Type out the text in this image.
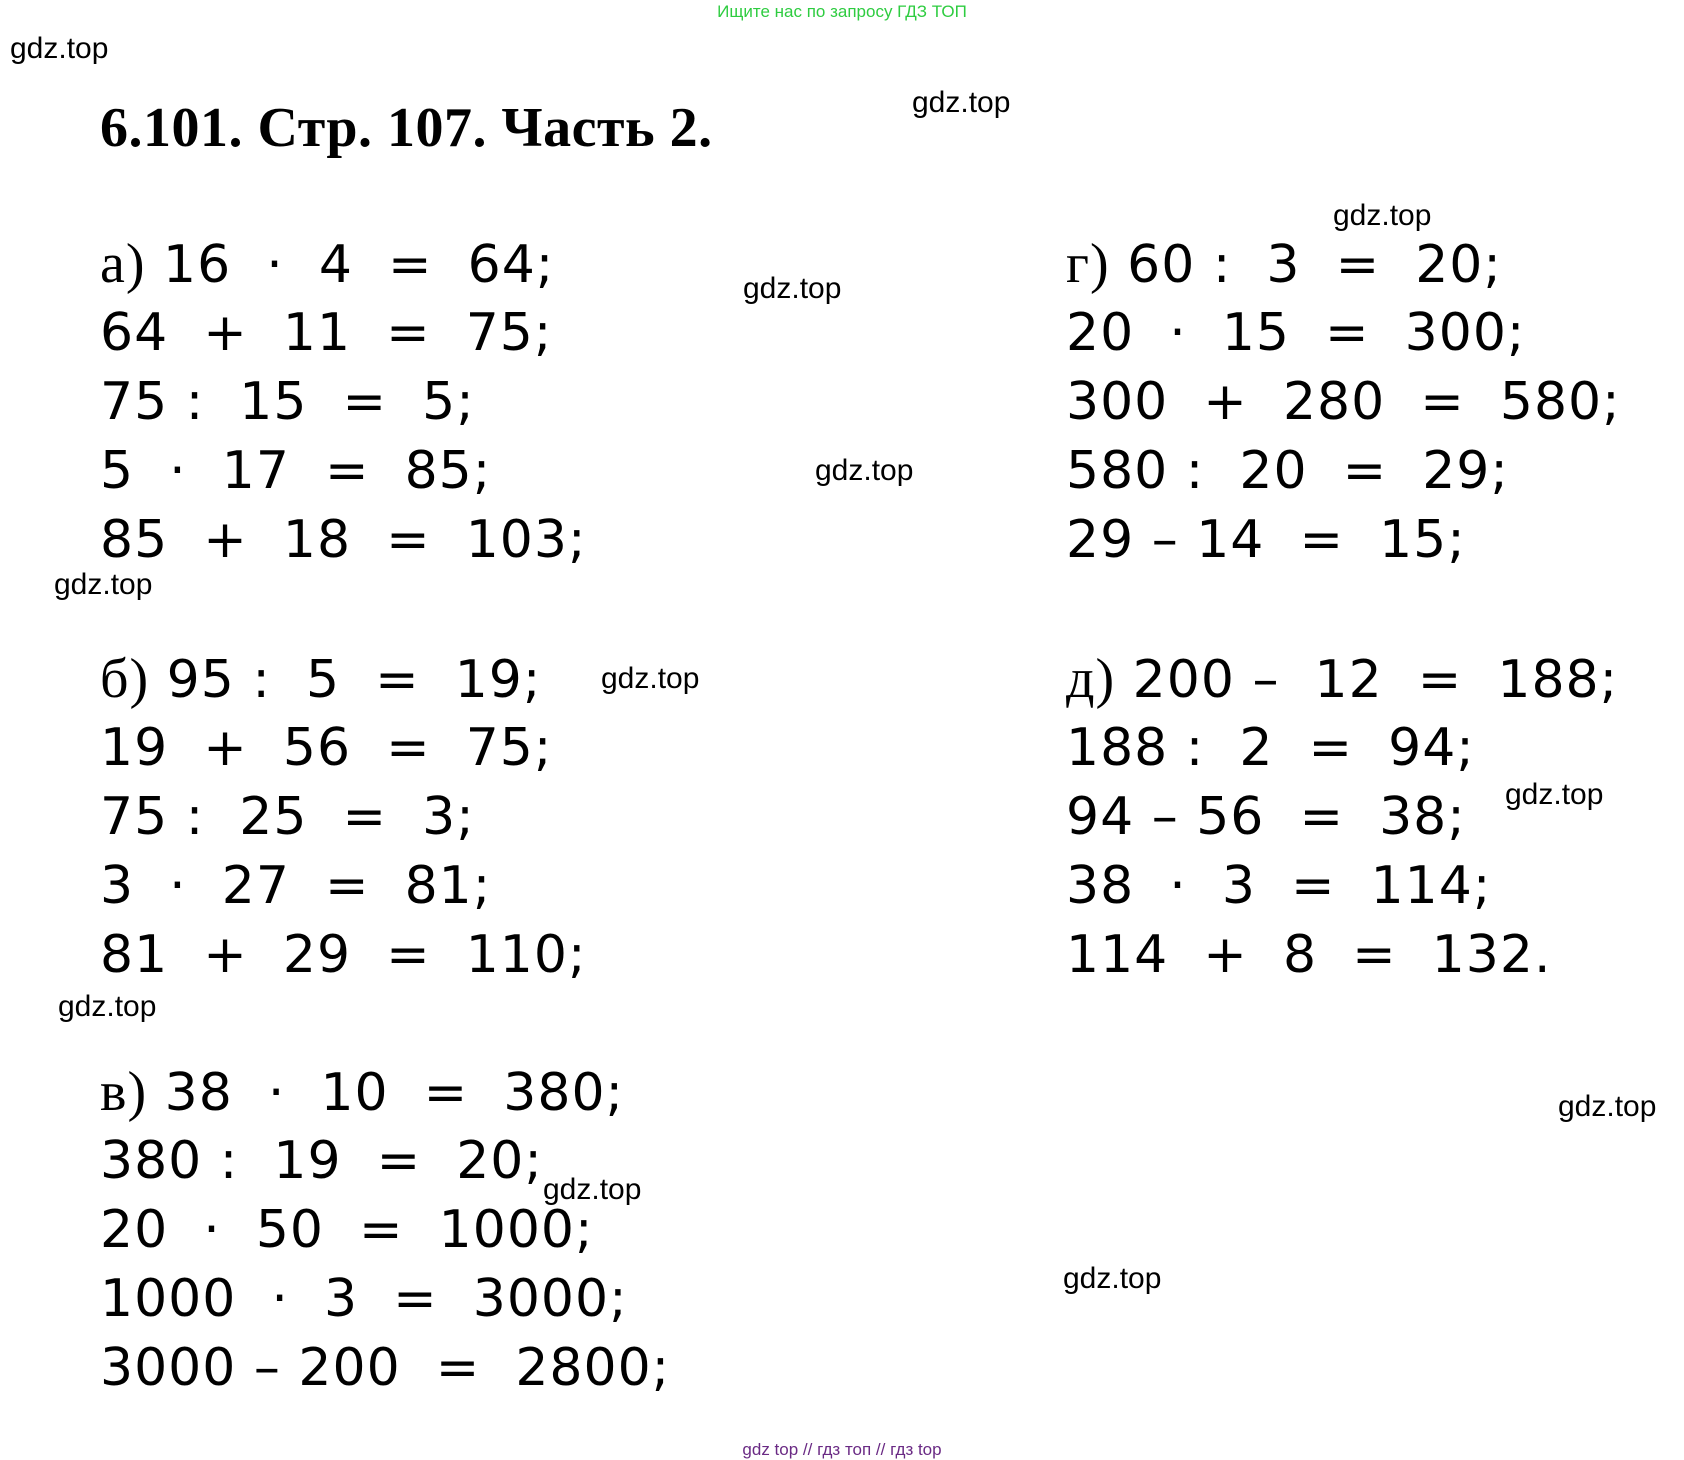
Ищите нас по запросу ГДЗ ТОП
gdz.top
6.101. Стр. 107. Часть 2.	gdz.top
gdz.top
gdz.top
gdz.top
gdz.top
gdz.top
gdz.top
gdz.top
gdz.top
gdz.top
gdz.top
а) 16  ·  4  =  64;
64  +  11  =  75;
75 :  15  =  5;
5  ·  17  =  85;
85  +  18  =  103;
б) 95 :  5  =  19;
19  +  56  =  75;
75 :  25  =  3;
3  ·  27  =  81;
81  +  29  =  110;
в) 38  ·  10  =  380;
380 :  19  =  20;
20  ·  50  =  1000;
1000  ·  3  =  3000;
3000 – 200  =  2800;
г) 60 :  3  =  20;
20  ·  15  =  300;
300  +  280  =  580;
580 :  20  =  29;
29 – 14  =  15;
д) 200 –  12  =  188;
188 :  2  =  94;
94 – 56  =  38;
38  ·  3  =  114;
114  +  8  =  132.
gdz top // гдз топ // гдз top
